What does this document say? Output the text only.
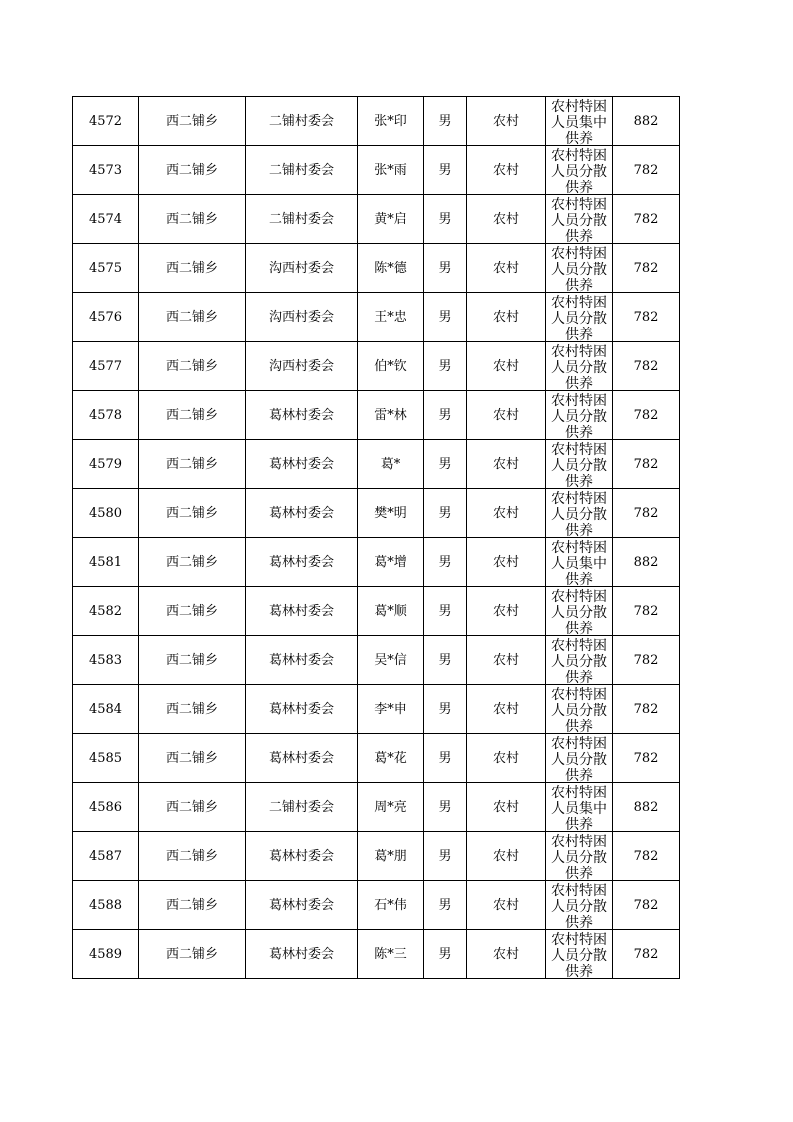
4572	西二铺乡	二铺村委会	张*印	男	农村	农村特困人员集中供养	882
4573	西二铺乡	二铺村委会	张*雨	男	农村	农村特困人员分散供养	782
4574	西二铺乡	二铺村委会	黄*启	男	农村	农村特困人员分散供养	782
4575	西二铺乡	沟西村委会	陈*德	男	农村	农村特困人员分散供养	782
4576	西二铺乡	沟西村委会	王*忠	男	农村	农村特困人员分散供养	782
4577	西二铺乡	沟西村委会	伯*钦	男	农村	农村特困人员分散供养	782
4578	西二铺乡	葛林村委会	雷*林	男	农村	农村特困人员分散供养	782
4579	西二铺乡	葛林村委会	葛*	男	农村	农村特困人员分散供养	782
4580	西二铺乡	葛林村委会	樊*明	男	农村	农村特困人员分散供养	782
4581	西二铺乡	葛林村委会	葛*增	男	农村	农村特困人员集中供养	882
4582	西二铺乡	葛林村委会	葛*顺	男	农村	农村特困人员分散供养	782
4583	西二铺乡	葛林村委会	吴*信	男	农村	农村特困人员分散供养	782
4584	西二铺乡	葛林村委会	李*申	男	农村	农村特困人员分散供养	782
4585	西二铺乡	葛林村委会	葛*花	男	农村	农村特困人员分散供养	782
4586	西二铺乡	二铺村委会	周*亮	男	农村	农村特困人员集中供养	882
4587	西二铺乡	葛林村委会	葛*朋	男	农村	农村特困人员分散供养	782
4588	西二铺乡	葛林村委会	石*伟	男	农村	农村特困人员分散供养	782
4589	西二铺乡	葛林村委会	陈*三	男	农村	农村特困人员分散供养	782
